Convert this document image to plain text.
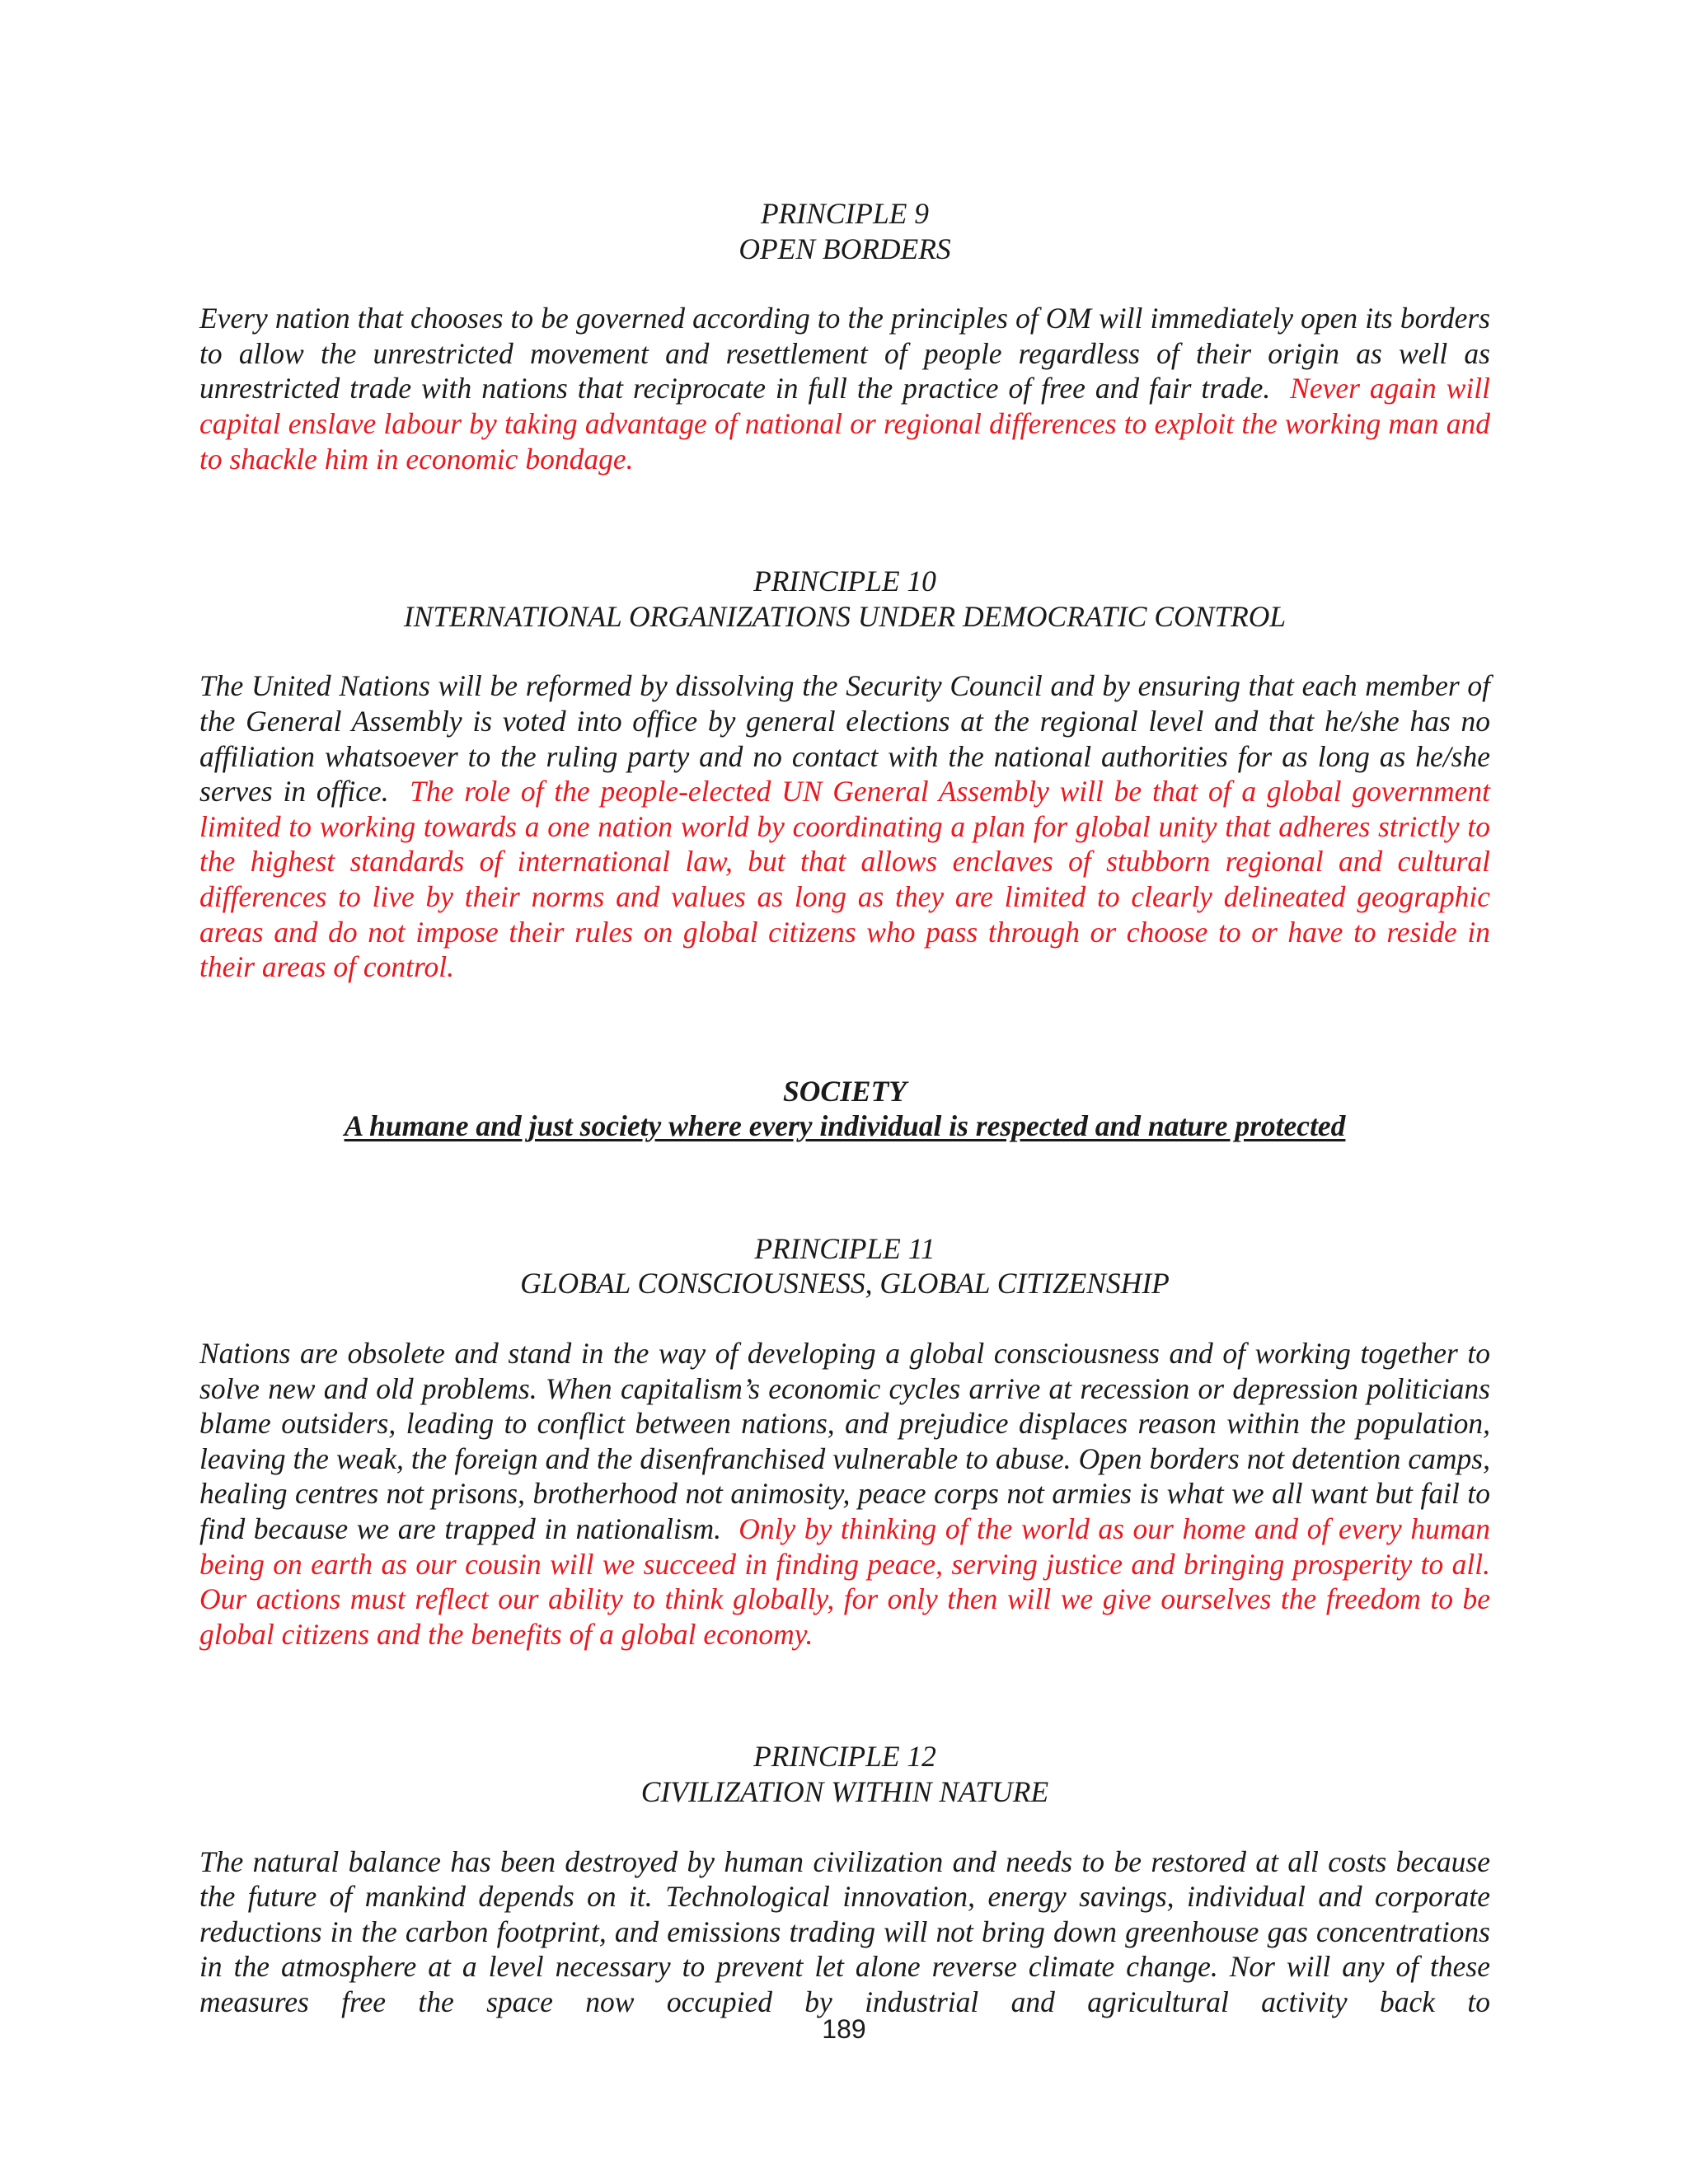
PRINCIPLE 9
OPEN BORDERS

Every nation that chooses to be governed according to the principles of OM will immediately open its borders to allow the unrestricted movement and resettlement of people regardless of their origin as well as unrestricted trade with nations that reciprocate in full the practice of free and fair trade. Never again will capital enslave labour by taking advantage of national or regional differences to exploit the working man and to shackle him in economic bondage.

PRINCIPLE 10
INTERNATIONAL ORGANIZATIONS UNDER DEMOCRATIC CONTROL

The United Nations will be reformed by dissolving the Security Council and by ensuring that each member of the General Assembly is voted into office by general elections at the regional level and that he/she has no affiliation whatsoever to the ruling party and no contact with the national authorities for as long as he/she serves in office. The role of the people-elected UN General Assembly will be that of a global government limited to working towards a one nation world by coordinating a plan for global unity that adheres strictly to the highest standards of international law, but that allows enclaves of stubborn regional and cultural differences to live by their norms and values as long as they are limited to clearly delineated geographic areas and do not impose their rules on global citizens who pass through or choose to or have to reside in their areas of control.

SOCIETY
A humane and just society where every individual is respected and nature protected
PRINCIPLE 11
GLOBAL CONSCIOUSNESS, GLOBAL CITIZENSHIP

Nations are obsolete and stand in the way of developing a global consciousness and of working together to solve new and old problems. When capitalism’s economic cycles arrive at recession or depression politicians blame outsiders, leading to conflict between nations, and prejudice displaces reason within the population, leaving the weak, the foreign and the disenfranchised vulnerable to abuse. Open borders not detention camps, healing centres not prisons, brotherhood not animosity, peace corps not armies is what we all want but fail to find because we are trapped in nationalism. Only by thinking of the world as our home and of every human being on earth as our cousin will we succeed in finding peace, serving justice and bringing prosperity to all. Our actions must reflect our ability to think globally, for only then will we give ourselves the freedom to be global citizens and the benefits of a global economy.

PRINCIPLE 12
CIVILIZATION WITHIN NATURE

The natural balance has been destroyed by human civilization and needs to be restored at all costs because the future of mankind depends on it. Technological innovation, energy savings, individual and corporate reductions in the carbon footprint, and emissions trading will not bring down greenhouse gas concentrations in the atmosphere at a level necessary to prevent let alone reverse climate change. Nor will any of these measures free the space now occupied by industrial and agricultural activity back to

189
